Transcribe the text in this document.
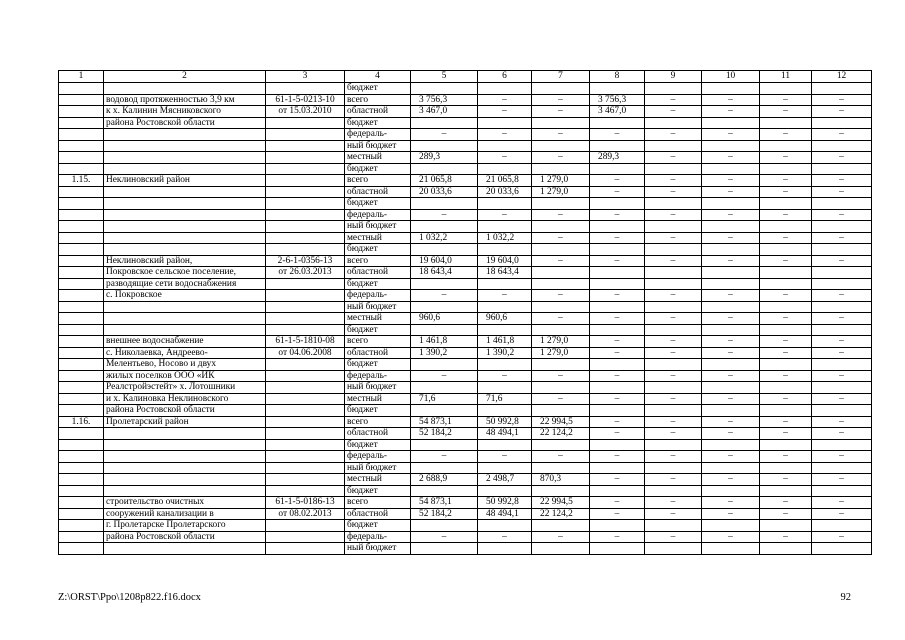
1	2	3	4	5	6	7	8	9	10	11	12
			бюджет								
	водовод протяженностью 3,9 км	61-1-5-0213-10	всего	3 756,3	–	–	3 756,3	–	–	–	–
	к х. Калинин Мясниковского	от 15.03.2010	областной	3 467,0	–	–	3 467,0	–	–	–	–
	района Ростовской области		бюджет								
			федераль-	–	–	–	–	–	–	–	–
			ный бюджет								
			местный	289,3	–	–	289,3	–	–	–	–
			бюджет								
1.15.	Неклиновский район		всего	21 065,8	21 065,8	1 279,0	–	–	–	–	–
			областной	20 033,6	20 033,6	1 279,0	–	–	–	–	–
			бюджет								
			федераль-	–	–	–	–	–	–	–	–
			ный бюджет								
			местный	1 032,2	1 032,2	–	–	–	–	–	–
			бюджет								
	Неклиновский район,	2-6-1-0356-13	всего	19 604,0	19 604,0	–	–	–	–	–	–
	Покровское сельское поселение,	от 26.03.2013	областной	18 643,4	18 643,4						
	разводящие сети водоснабжения		бюджет								
	с. Покровское		федераль-	–	–	–	–	–	–	–	–
			ный бюджет								
			местный	960,6	960,6	–	–	–	–	–	–
			бюджет								
	внешнее водоснабжение	61-1-5-1810-08	всего	1 461,8	1 461,8	1 279,0	–	–	–	–	–
	с. Николаевка, Андреево-	от 04.06.2008	областной	1 390,2	1 390,2	1 279,0	–	–	–	–	–
	Мелентьево, Носово и двух		бюджет								
	жилых поселков ООО «ИК		федераль-	–	–	–	–	–	–	–	–
	Реалстройэстейт» х. Лотошники		ный бюджет								
	и х. Калиновка Неклиновского		местный	71,6	71,6	–	–	–	–	–	–
	района Ростовской области		бюджет								
1.16.	Пролетарский район		всего	54 873,1	50 992,8	22 994,5	–	–	–	–	–
			областной	52 184,2	48 494,1	22 124,2	–	–	–	–	–
			бюджет								
			федераль-	–	–	–	–	–	–	–	–
			ный бюджет								
			местный	2 688,9	2 498,7	870,3	–	–	–	–	–
			бюджет								
	строительство очистных	61-1-5-0186-13	всего	54 873,1	50 992,8	22 994,5	–	–	–	–	–
	сооружений канализации в	от 08.02.2013	областной	52 184,2	48 494,1	22 124,2	–	–	–	–	–
	г. Пролетарске Пролетарского		бюджет								
	района Ростовской области		федераль-	–	–	–	–	–	–	–	–
			ный бюджет								
Z:\ORST\Ppo\1208p822.f16.docx	92
